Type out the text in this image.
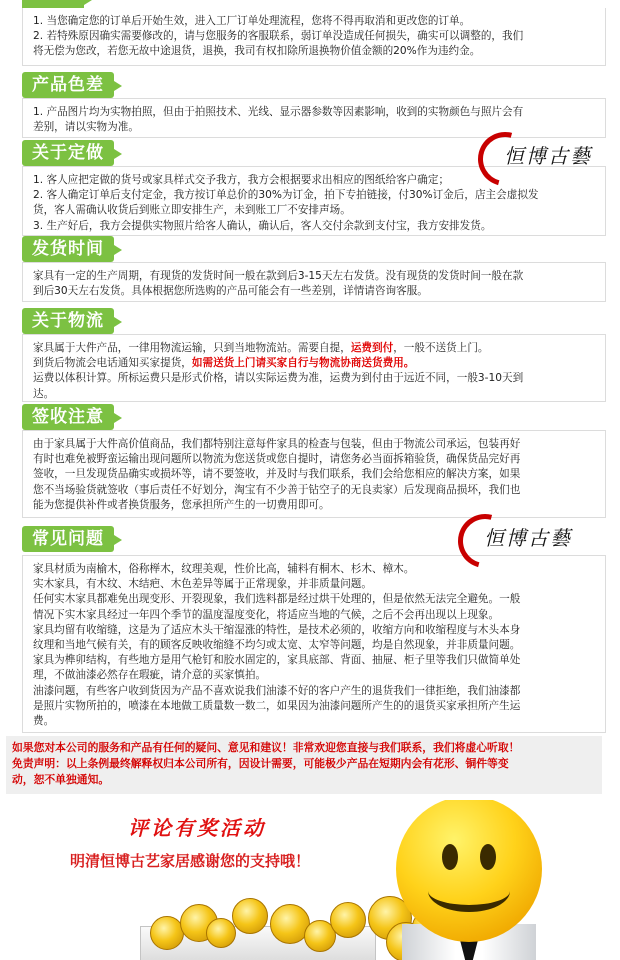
1. 当您确定您的订单后开始生效，进入工厂订单处理流程，您将不得再取消和更改您的订单。
2. 若特殊原因确实需要修改的，请与您服务的客服联系，弱订单没造成任何损失，确实可以调整的，我们
将无偿为您改，若您无故中途退货，退换，我司有权扣除所退换物价值金额的20%作为违约金。
产品色差
1. 产品图片均为实物拍照，但由于拍照技术、光线、显示器参数等因素影响，收到的实物颜色与照片会有
差别，请以实物为准。
关于定做
1. 客人应把定做的货号或家具样式交予我方，我方会根据要求出相应的图纸给客户确定；
2. 客人确定订单后支付定金，我方按订单总价的30%为订金，拍下专拍链接，付30%订金后，店主会虚拟发
货，客人需确认收货后到账立即安排生产，未到账工厂不安排声场。
3. 生产好后，我方会提供实物照片给客人确认，确认后，客人交付余款到支付宝，我方安排发货。
恒博古藝
发货时间
家具有一定的生产周期，有现货的发货时间一般在款到后3-15天左右发货。没有现货的发货时间一般在款
到后30天左右发货。具体根据您所选购的产品可能会有一些差别，详情请咨询客服。
关于物流
家具属于大件产品，一律用物流运输，只到当地物流站。需要自提，运费到付，一般不送货上门。
到货后物流会电话通知买家提货，如需送货上门请买家自行与物流协商送货费用。
运费以体积计算。所标运费只是形式价格，请以实际运费为准，运费为到付由于远近不同，一般3-10天到
达。
签收注意
由于家具属于大件高价值商品，我们都特别注意每件家具的检查与包装，但由于物流公司承运，包装再好
有时也难免被野蛮运输出现问题所以物流为您送货或您自提时，请您务必当面拆箱验货，确保货品完好再
签收，一旦发现货品确实或损坏等，请不要签收，并及时与我们联系，我们会给您相应的解决方案，如果
您不当场验货就签收（事后责任不好划分，淘宝有不少善于钻空子的无良卖家）后发现商品损坏，我们也
能为您提供补件或者换货服务，您承担所产生的一切费用即可。
常见问题
家具材质为南榆木，俗称榉木，纹理美观，性价比高，辅料有桐木、杉木、樟木。
实木家具，有木纹、木结疤、木色差异等属于正常现象，并非质量问题。
任何实木家具都难免出现变形、开裂现象，我们选料都是经过烘干处理的，但是依然无法完全避免。一般
情况下实木家具经过一年四个季节的温度湿度变化，将适应当地的气候，之后不会再出现以上现象。
家具均留有收缩缝，这是为了适应木头干缩湿涨的特性，是技术必须的，收缩方向和收缩程度与木头本身
纹理和当地气候有关，有的顾客反映收缩缝不均匀或太宽、太窄等问题，均是自然现象，并非质量问题。
家具为榫卯结构，有些地方是用气枪钉和胶水固定的，家具底部、背面、抽屉、柜子里等我们只做简单处
理，不做油漆必然存在瑕疵，请介意的买家慎拍。
油漆问题，有些客户收到货因为产品不喜欢说我们油漆不好的客户产生的退货我们一律拒绝，我们油漆都
是照片实物所拍的，喷漆在本地做工质量数一数二，如果因为油漆问题所产生的的退货买家承担所产生运
费。
恒博古藝
如果您对本公司的服务和产品有任何的疑问、意见和建议！非常欢迎您直接与我们联系，我们将虚心听取！
免责声明：以上条例最终解释权归本公司所有，因设计需要，可能极少产品在短期内会有花形、铜件等变
动，恕不单独通知。
评论有奖活动
明清恒博古艺家居感谢您的支持哦！
